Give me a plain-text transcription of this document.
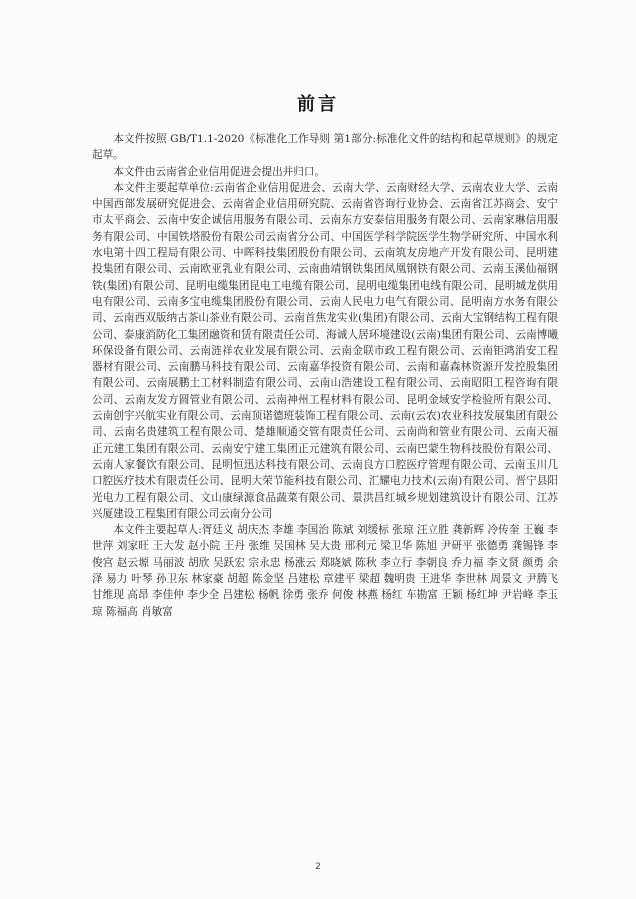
前言

本文件按照 GB/T1.1-2020《标准化工作导则 第1部分:标准化文件的结构和起草规则》的规定起草。

本文件由云南省企业信用促进会提出并归口。

本文件主要起草单位:云南省企业信用促进会、云南大学、云南财经大学、云南农业大学、云南中国西部发展研究促进会、云南省企业信用研究院、云南省咨询行业协会、云南省江苏商会、安宁市太平商会、云南中安企诚信用服务有限公司、云南东方安泰信用服务有限公司、云南家琳信用服务有限公司、中国铁塔股份有限公司云南省分公司、中国医学科学院医学生物学研究所、中国水利水电第十四工程局有限公司、中晖科技集团股份有限公司、云南筑友房地产开发有限公司、昆明建投集团有限公司、云南欧亚乳业有限公司、云南曲靖钢铁集团凤凰钢铁有限公司、云南玉溪仙福钢铁(集团)有限公司、昆明电缆集团昆电工电缆有限公司、昆明电缆集团电线有限公司、昆明城龙供用电有限公司、云南多宝电缆集团股份有限公司、云南人民电力电气有限公司、昆明南方水务有限公司、云南西双版纳古茶山茶业有限公司、云南首焦龙实业(集团)有限公司、云南大宝钢结构工程有限公司、泰康消防化工集团融资和赁有限责任公司、海诚人居环境建设(云南)集团有限公司、云南博曦环保设备有限公司、云南涟祥农业发展有限公司、云南金联市政工程有限公司、云南钜鸿消安工程器材有限公司、云南鹏马科技有限公司、云南嘉华投资有限公司、云南和嘉森林资源开发控股集团有限公司、云南展鹏土工材料制造有限公司、云南山浩建设工程有限公司、云南昭阳工程咨询有限公司、云南友发方圆管业有限公司、云南神州工程材料有限公司、昆明金域安学检验所有限公司、云南创宇兴航实业有限公司、云南顶诺德班装饰工程有限公司、云南(云农)农业科技发展集团有限公司、云南名贵建筑工程有限公司、楚雄顺通交管有限责任公司、云南尚和管业有限公司、云南天福正元建工集团有限公司、云南安宁建工集团正元建筑有限公司、云南巴蒙生物科技股份有限公司、云南人家餐饮有限公司、昆明恒迅达科技有限公司、云南良方口腔医疗管理有限公司、云南玉川几口腔医疗技术有限责任公司、昆明大荣节能科技有限公司、汇耀电力技术(云南)有限公司、晋宁县阳光电力工程有限公司、文山康绿源食品蔬菜有限公司、景洪昌红城乡规划建筑设计有限公司、江苏兴厦建设工程集团有限公司云南分公司

本文件主要起草人:胥廷义 胡庆杰 李雄 李国治 陈斌 刘缓标 张琼 汪立胜 龚新辉 冷传奎 王巍 李世萍 刘家旺 王大发 赵小院 王丹 张维 吴国林 吴大贵 邢利元 梁卫华 陈旭 尹研平 张德勇 龚锡锋 李俊宫 赵云塬 马丽波 胡欣 吴跃宏 宗永忠 杨涨云 郑晓斌 陈秋 李立行 李朝良 乔力福 李文贤 颜勇 余泽 易力 叶琴 孙卫东 林家豪 胡超 陈金坚 吕建松 章建平 梁超 魏明贵 王进华 李世林 周景文 尹腾飞 甘维现 高昂 李佳仲 李少全 吕建松 杨帆 徐勇 张乔 何俊 林燕 杨红 车勘富 王颖 杨红坤 尹岩峰 李玉琼 陈福高 肖敏富

2
